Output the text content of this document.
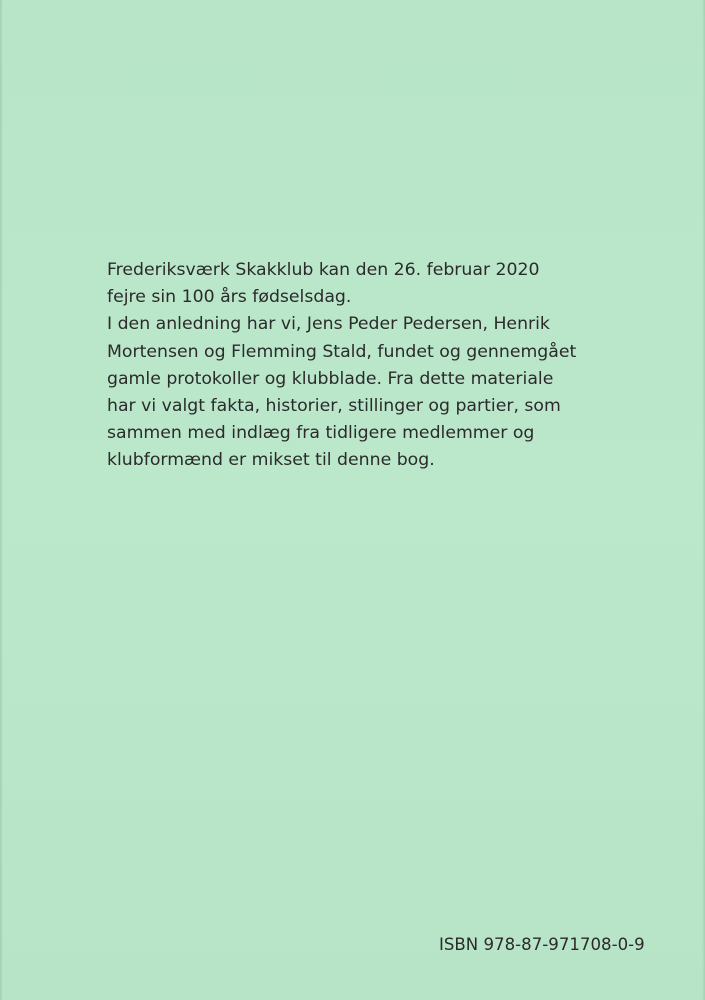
Frederiksværk Skakklub kan den 26. februar 2020
fejre sin 100 års fødselsdag.
I den anledning har vi, Jens Peder Pedersen, Henrik
Mortensen og Flemming Stald, fundet og gennemgået
gamle protokoller og klubblade. Fra dette materiale
har vi valgt fakta, historier, stillinger og partier, som
sammen med indlæg fra tidligere medlemmer og
klubformænd er mikset til denne bog.
ISBN 978-87-971708-0-9
